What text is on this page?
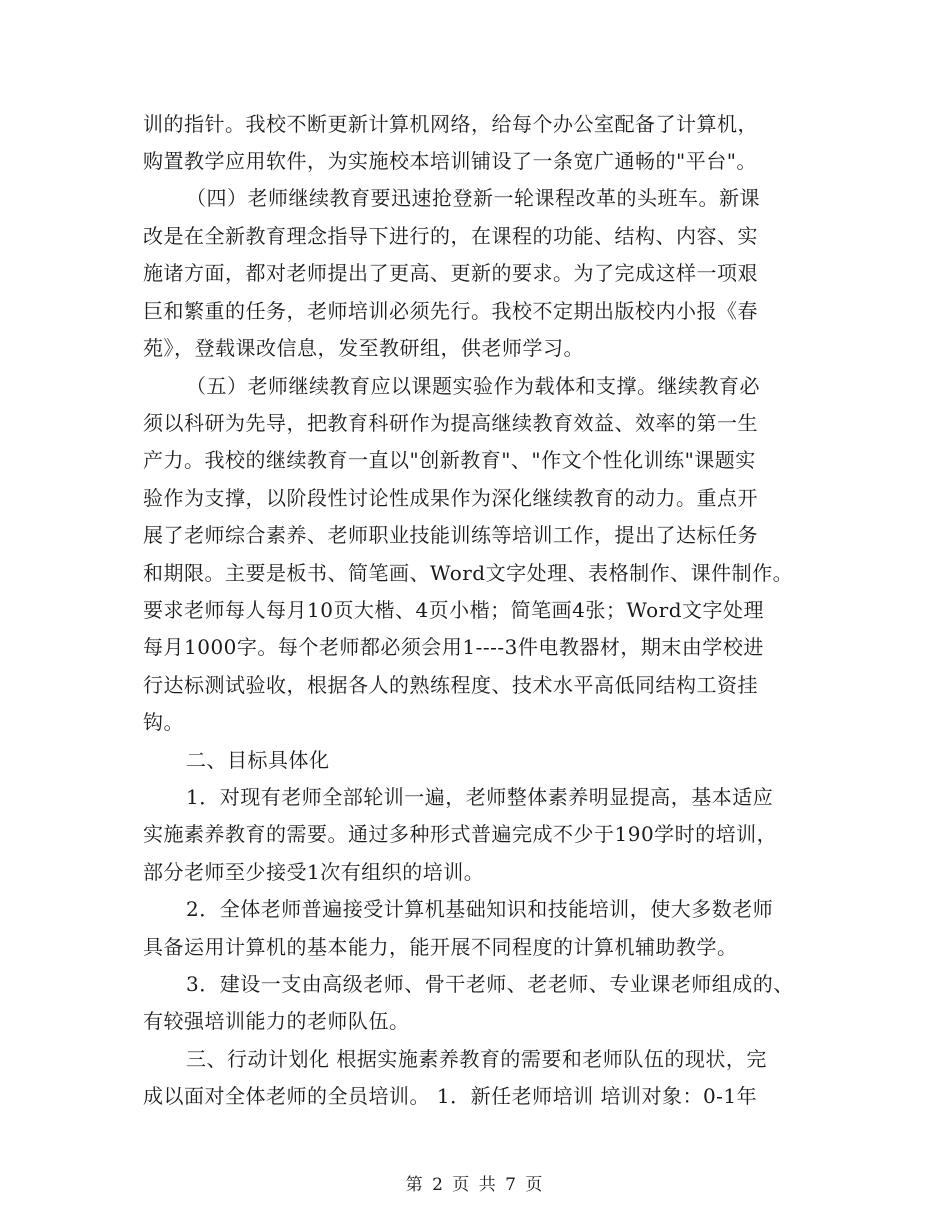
训的指针。我校不断更新计算机网络，给每个办公室配备了计算机，
购置教学应用软件，为实施校本培训铺设了一条宽广通畅的"平台"。
（四）老师继续教育要迅速抢登新一轮课程改革的头班车。新课
改是在全新教育理念指导下进行的，在课程的功能、结构、内容、实
施诸方面，都对老师提出了更高、更新的要求。为了完成这样一项艰
巨和繁重的任务，老师培训必须先行。我校不定期出版校内小报《春
苑》，登载课改信息，发至教研组，供老师学习。
（五）老师继续教育应以课题实验作为载体和支撑。继续教育必
须以科研为先导，把教育科研作为提高继续教育效益、效率的第一生
产力。我校的继续教育一直以"创新教育"、"作文个性化训练"课题实
验作为支撑，以阶段性讨论性成果作为深化继续教育的动力。重点开
展了老师综合素养、老师职业技能训练等培训工作，提出了达标任务
和期限。主要是板书、简笔画、Word文字处理、表格制作、课件制作。
要求老师每人每月10页大楷、4页小楷；简笔画4张；Word文字处理
每月1000字。每个老师都必须会用1----3件电教器材，期末由学校进
行达标测试验收，根据各人的熟练程度、技术水平高低同结构工资挂
钩。
二、目标具体化
1．对现有老师全部轮训一遍，老师整体素养明显提高，基本适应
实施素养教育的需要。通过多种形式普遍完成不少于190学时的培训，
部分老师至少接受1次有组织的培训。
2．全体老师普遍接受计算机基础知识和技能培训，使大多数老师
具备运用计算机的基本能力，能开展不同程度的计算机辅助教学。
3．建设一支由高级老师、骨干老师、老老师、专业课老师组成的、
有较强培训能力的老师队伍。
三、行动计划化 根据实施素养教育的需要和老师队伍的现状，完
成以面对全体老师的全员培训。 1．新任老师培训 培训对象：0-1年
第 2 页 共 7 页
